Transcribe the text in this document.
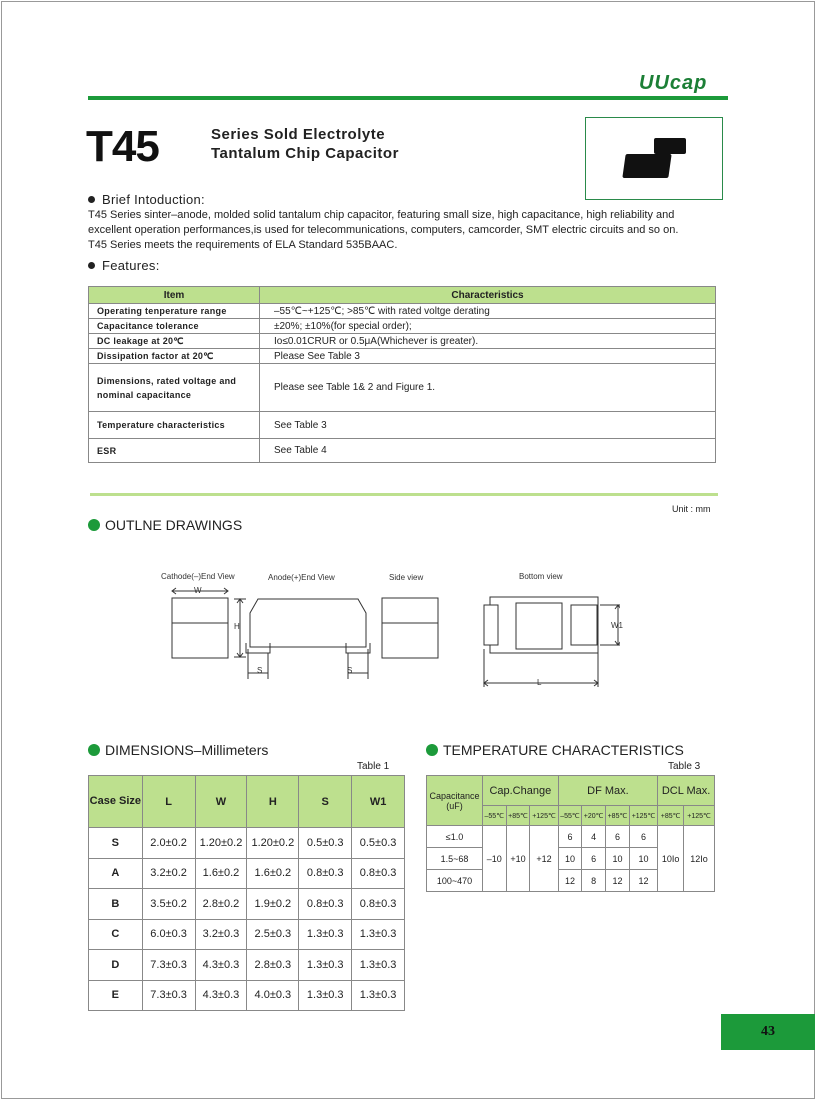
UUcap
T45	Series Sold Electrolyte
Tantalum Chip Capacitor
Brief Intoduction:

T45 Series sinter–anode, molded solid tantalum chip capacitor, featuring small size, high capacitance, high reliability and

excellent operation performances,is used for telecommunications, computers, camcorder, SMT electric circuits and so on.

T45 Series meets the requirements of ELA Standard 535BAAC.

Features:
Item	Characteristics
Operating tenperature range	–55℃~+125℃; >85℃ with rated voltge derating
Capacitance tolerance	±20%; ±10%(for special order);
DC leakage at 20℃	Io≤0.01CRUR or 0.5μA(Whichever is greater).
Dissipation factor at 20℃	Please See Table 3
Dimensions, rated voltage and nominal capacitance	Please see Table 1& 2 and Figure 1.
Temperature characteristics	See Table 3
ESR	See Table 4
Unit : mm
OUTLNE DRAWINGS
Cathode(–)End View	Anode(+)End View	Side view	Bottom view
W
H
S	S
W1
L
DIMENSIONS–Millimeters
Table 1
Case Size	L	W	H	S	W1
S	2.0±0.2	1.20±0.2	1.20±0.2	0.5±0.3	0.5±0.3
A	3.2±0.2	1.6±0.2	1.6±0.2	0.8±0.3	0.8±0.3
B	3.5±0.2	2.8±0.2	1.9±0.2	0.8±0.3	0.8±0.3
C	6.0±0.3	3.2±0.3	2.5±0.3	1.3±0.3	1.3±0.3
D	7.3±0.3	4.3±0.3	2.8±0.3	1.3±0.3	1.3±0.3
E	7.3±0.3	4.3±0.3	4.0±0.3	1.3±0.3	1.3±0.3
TEMPERATURE CHARACTERISTICS
Table 3
Capacitance (uF)	Cap.Change			DF Max.				DCL Max.	
	–55℃	+85℃	+125℃	–55℃	+20℃	+85℃	+125℃	+85℃	+125℃
≤1.0	–10	+10	+12	6	4	6	6	10Io	12Io
1.5~68				10	6	10	10		
100~470				12	8	12	12		
43
